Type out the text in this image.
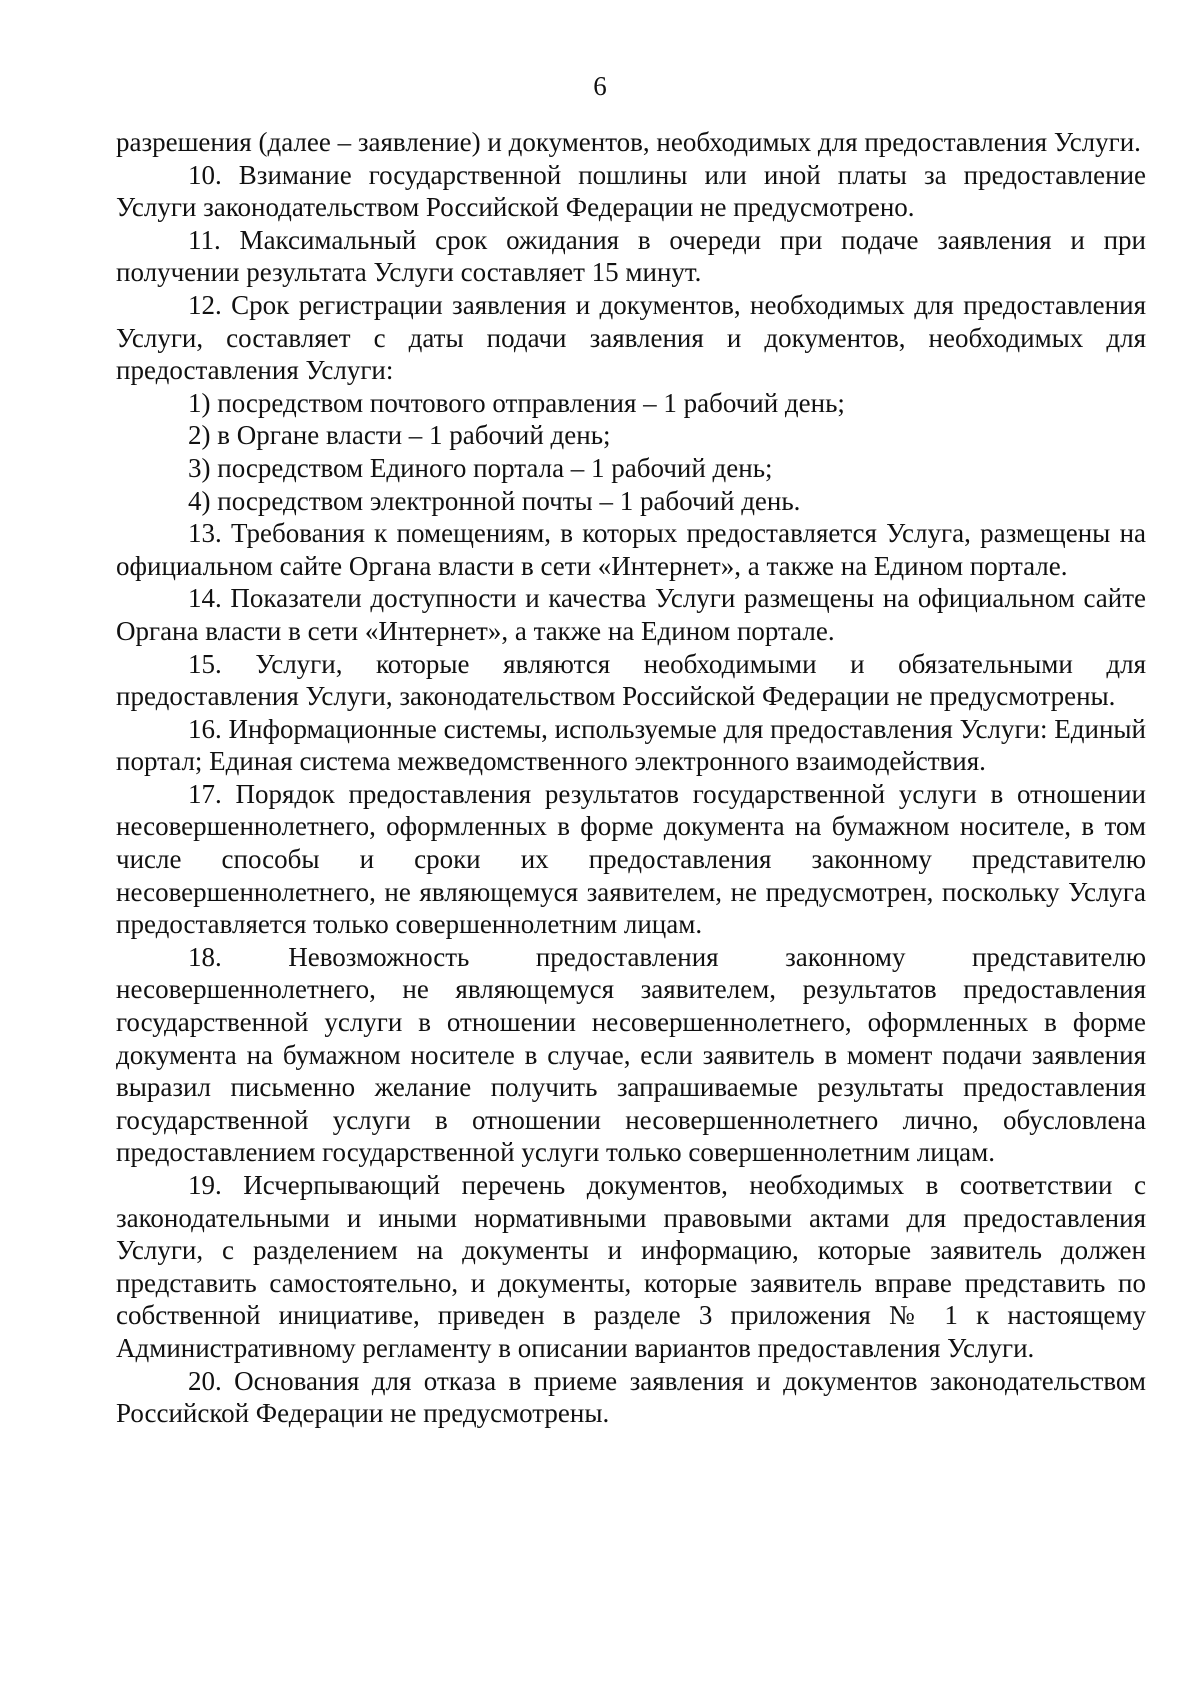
6

разрешения (далее – заявление) и документов, необходимых для предоставления Услуги.

10. Взимание государственной пошлины или иной платы за предоставление Услуги законодательством Российской Федерации не предусмотрено.

11. Максимальный срок ожидания в очереди при подаче заявления и при получении результата Услуги составляет 15 минут.

12. Срок регистрации заявления и документов, необходимых для предоставления Услуги, составляет с даты подачи заявления и документов, необходимых для предоставления Услуги:

1) посредством почтового отправления – 1 рабочий день;

2) в Органе власти – 1 рабочий день;

3) посредством Единого портала – 1 рабочий день;

4) посредством электронной почты – 1 рабочий день.

13. Требования к помещениям, в которых предоставляется Услуга, размещены на официальном сайте Органа власти в сети «Интернет», а также на Едином портале.

14. Показатели доступности и качества Услуги размещены на официальном сайте Органа власти в сети «Интернет», а также на Едином портале.

15. Услуги, которые являются необходимыми и обязательными для предоставления Услуги, законодательством Российской Федерации не предусмотрены.

16. Информационные системы, используемые для предоставления Услуги: Единый портал; Единая система межведомственного электронного взаимодействия.

17. Порядок предоставления результатов государственной услуги в отношении несовершеннолетнего, оформленных в форме документа на бумажном носителе, в том числе способы и сроки их предоставления законному представителю несовершеннолетнего, не являющемуся заявителем, не предусмотрен, поскольку Услуга предоставляется только совершеннолетним лицам.

18. Невозможность предоставления законному представителю несовершеннолетнего, не являющемуся заявителем, результатов предоставления государственной услуги в отношении несовершеннолетнего, оформленных в форме документа на бумажном носителе в случае, если заявитель в момент подачи заявления выразил письменно желание получить запрашиваемые результаты предоставления государственной услуги в отношении несовершеннолетнего лично, обусловлена предоставлением государственной услуги только совершеннолетним лицам.

19. Исчерпывающий перечень документов, необходимых в соответствии с законодательными и иными нормативными правовыми актами для предоставления Услуги, с разделением на документы и информацию, которые заявитель должен представить самостоятельно, и документы, которые заявитель вправе представить по собственной инициативе, приведен в разделе 3 приложения № 1 к настоящему Административному регламенту в описании вариантов предоставления Услуги.

20. Основания для отказа в приеме заявления и документов законодательством Российской Федерации не предусмотрены.
